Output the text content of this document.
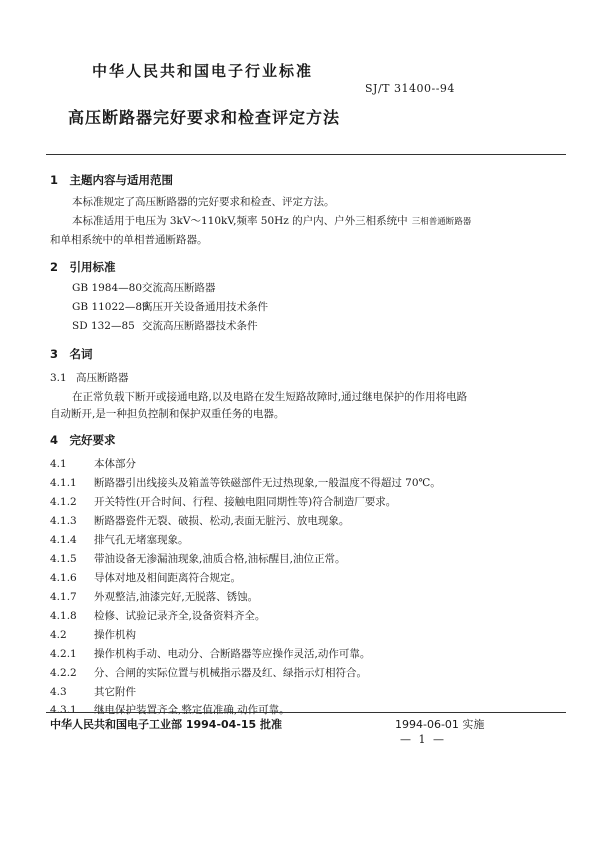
中华人民共和国电子行业标准
SJ/T 31400--94
高压断路器完好要求和检查评定方法
1　主题内容与适用范围
本标准规定了高压断路器的完好要求和检查、评定方法。
本标准适用于电压为 3kV～110kV,频率 50Hz 的户内、户外三相系统中 三相普通断路器
和单相系统中的单相普通断路器。
2　引用标准
GB 1984—80交流高压断路器
GB 11022—89高压开关设备通用技术条件
SD 132—85 交流高压断路器技术条件
3　名词
3.1 高压断路器
在正常负载下断开或接通电路,以及电路在发生短路故障时,通过继电保护的作用将电路
自动断开,是一种担负控制和保护双重任务的电器。
4　完好要求
4.1	本体部分
4.1.1 断路器引出线接头及箱盖等铁磁部件无过热现象,一般温度不得超过 70℃。
4.1.2 开关特性(开合时间、行程、接触电阻同期性等)符合制造厂要求。
4.1.3 断路器瓷件无裂、破损、松动,表面无脏污、放电现象。
4.1.4 排气孔无堵塞现象。
4.1.5 带油设备无渗漏油现象,油质合格,油标醒目,油位正常。
4.1.6 导体对地及相间距离符合规定。
4.1.7 外观整洁,油漆完好,无脱落、锈蚀。
4.1.8 检修、试验记录齐全,设备资料齐全。
4.2	操作机构
4.2.1 操作机构手动、电动分、合断路器等应操作灵活,动作可靠。
4.2.2 分、合闸的实际位置与机械指示器及红、绿指示灯相符合。
4.3	其它附件
4.3.1 继电保护装置齐全,整定值准确,动作可靠。
中华人民共和国电子工业部 1994-04-15 批准	1994-06-01 实施
— 1 —
